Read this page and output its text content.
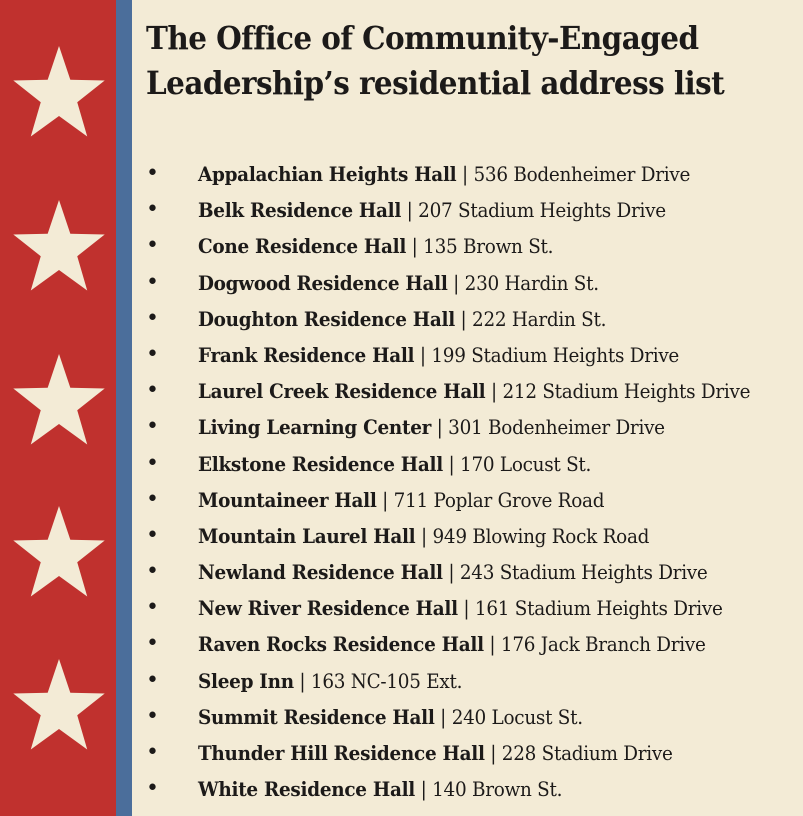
The Office of Community-Engaged Leadership’s residential address list
• Appalachian Heights Hall | 536 Bodenheimer Drive
• Belk Residence Hall | 207 Stadium Heights Drive
• Cone Residence Hall | 135 Brown St.
• Dogwood Residence Hall | 230 Hardin St.
• Doughton Residence Hall | 222 Hardin St.
• Frank Residence Hall | 199 Stadium Heights Drive
• Laurel Creek Residence Hall | 212 Stadium Heights Drive
• Living Learning Center | 301 Bodenheimer Drive
• Elkstone Residence Hall | 170 Locust St.
• Mountaineer Hall | 711 Poplar Grove Road
• Mountain Laurel Hall | 949 Blowing Rock Road
• Newland Residence Hall | 243 Stadium Heights Drive
• New River Residence Hall | 161 Stadium Heights Drive
• Raven Rocks Residence Hall | 176 Jack Branch Drive
• Sleep Inn | 163 NC-105 Ext.
• Summit Residence Hall | 240 Locust St.
• Thunder Hill Residence Hall | 228 Stadium Drive
• White Residence Hall | 140 Brown St.
